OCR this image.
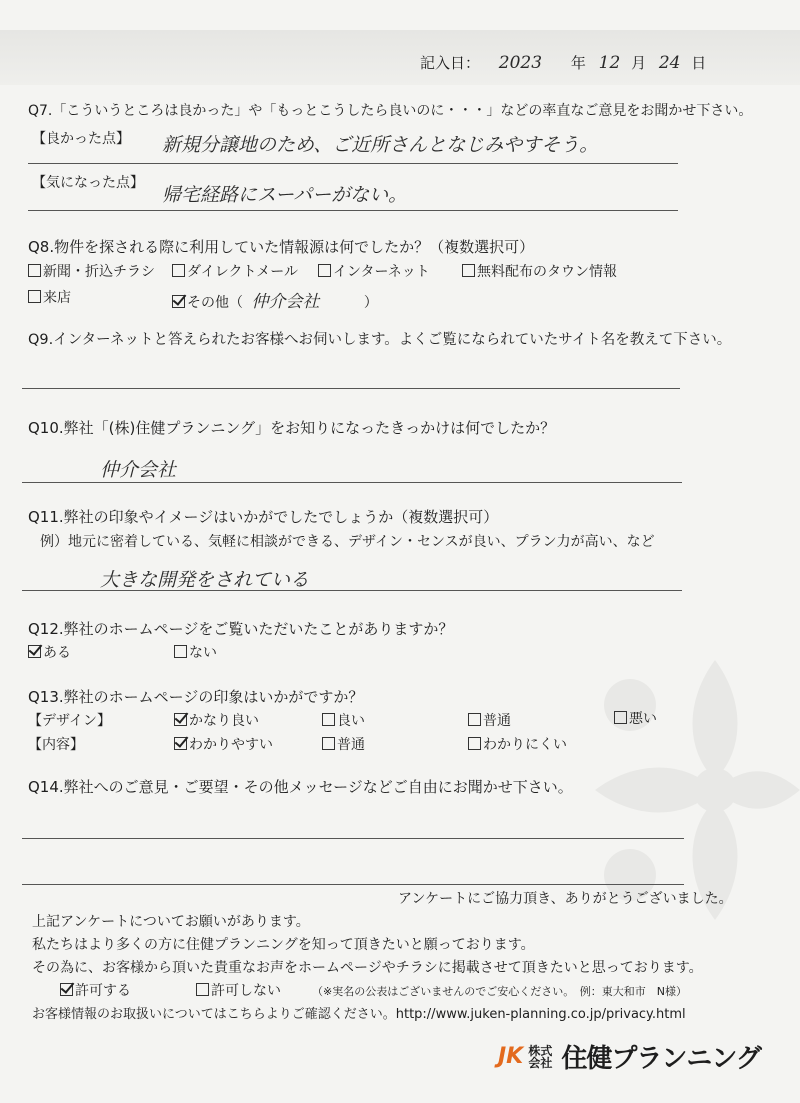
記入日： 2023 年 12 月 24 日
Q7.「こういうところは良かった」や「もっとこうしたら良いのに・・・」などの率直なご意見をお聞かせ下さい。
【良かった点】 新規分譲地のため、ご近所さんとなじみやすそう。
【気になった点】
帰宅経路にスーパーがない。
Q8.物件を探される際に利用していた情報源は何でしたか？（複数選択可）
新聞・折込チラシ	ダイレクトメール	インターネット	無料配布のタウン情報
来店	その他（ 仲介会社	）
Q9.インターネットと答えられたお客様へお伺いします。よくご覧になられていたサイト名を教えて下さい。
Q10.弊社「(株)住健プランニング」をお知りになったきっかけは何でしたか？
仲介会社
Q11.弊社の印象やイメージはいかがでしたでしょうか（複数選択可）
例）地元に密着している、気軽に相談ができる、デザイン・センスが良い、プラン力が高い、など
大きな開発をされている
Q12.弊社のホームページをご覧いただいたことがありますか？
ある	ない
Q13.弊社のホームページの印象はいかがですか？
【デザイン】	かなり良い	良い	普通	悪い
【内容】	わかりやすい	普通	わかりにくい
Q14.弊社へのご意見・ご要望・その他メッセージなどご自由にお聞かせ下さい。
アンケートにご協力頂き、ありがとうございました。
上記アンケートについてお願いがあります。
私たちはより多くの方に住健プランニングを知って頂きたいと願っております。
その為に、お客様から頂いた貴重なお声をホームページやチラシに掲載させて頂きたいと思っております。
許可する	許可しない	（※実名の公表はございませんのでご安心ください。　例：東大和市　N様）
お客様情報のお取扱いについてはこちらよりご確認ください。http://www.juken-planning.co.jp/privacy.html
JK 株式会社 住健プランニング
